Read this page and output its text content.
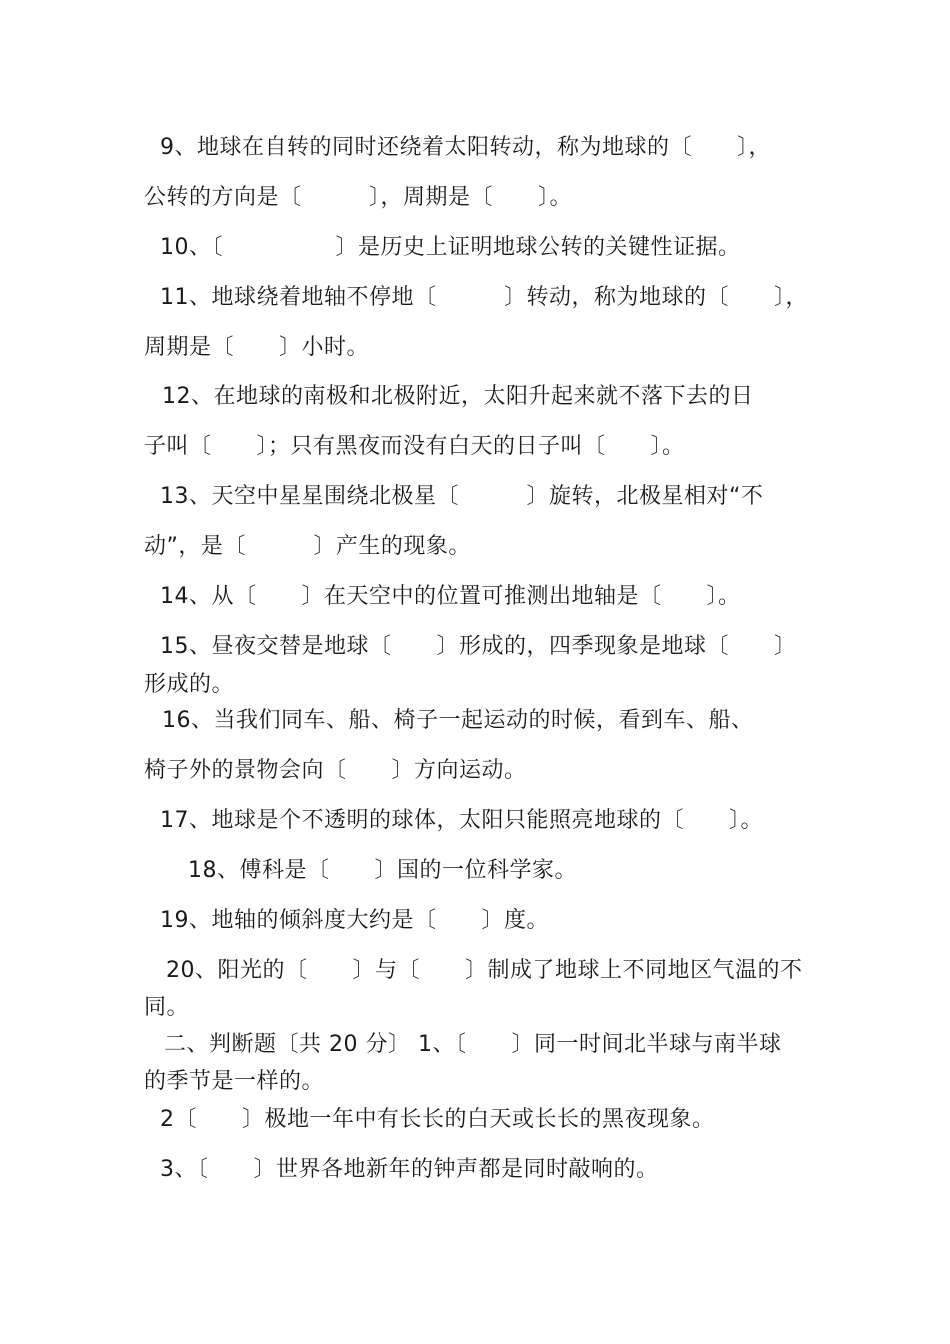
9、地球在自转的同时还绕着太阳转动，称为地球的〔　　〕，
公转的方向是〔　　　〕，周期是〔　　〕。
10、〔　　　　　〕是历史上证明地球公转的关键性证据。
11、地球绕着地轴不停地〔　　　〕转动，称为地球的〔　　〕，
周期是〔　　〕小时。
12、在地球的南极和北极附近，太阳升起来就不落下去的日
子叫〔　　〕；只有黑夜而没有白天的日子叫〔　　〕。
13、天空中星星围绕北极星〔　　　〕旋转，北极星相对“不
动”，是〔　　　〕产生的现象。
14、从〔　　〕在天空中的位置可推测出地轴是〔　　〕。
15、昼夜交替是地球〔　　〕形成的，四季现象是地球〔　　〕
形成的。
16、当我们同车、船、椅子一起运动的时候，看到车、船、
椅子外的景物会向〔　　〕方向运动。
17、地球是个不透明的球体，太阳只能照亮地球的〔　　〕。
18、傅科是〔　　〕国的一位科学家。
19、地轴的倾斜度大约是〔　　〕度。
20、阳光的〔　　〕与〔　　〕制成了地球上不同地区气温的不
同。
二、判断题〔共 20 分〕 1、〔　　〕同一时间北半球与南半球
的季节是一样的。
2〔　　〕极地一年中有长长的白天或长长的黑夜现象。
3、〔　　〕世界各地新年的钟声都是同时敲响的。
